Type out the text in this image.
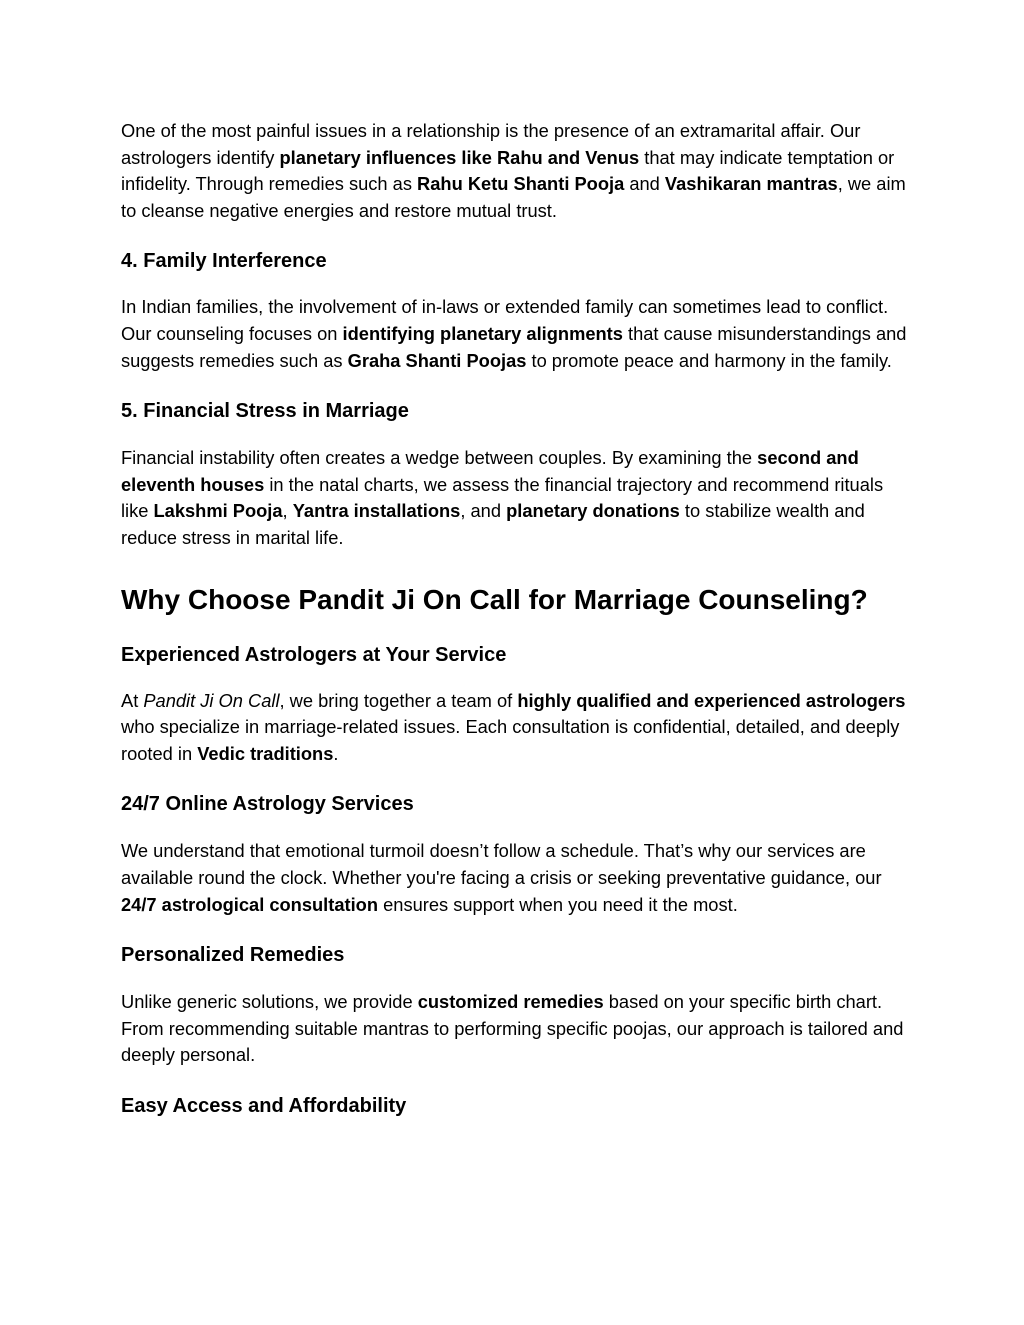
One of the most painful issues in a relationship is the presence of an extramarital affair. Our astrologers identify planetary influences like Rahu and Venus that may indicate temptation or infidelity. Through remedies such as Rahu Ketu Shanti Pooja and Vashikaran mantras, we aim to cleanse negative energies and restore mutual trust.

4. Family Interference

In Indian families, the involvement of in-laws or extended family can sometimes lead to conflict. Our counseling focuses on identifying planetary alignments that cause misunderstandings and suggests remedies such as Graha Shanti Poojas to promote peace and harmony in the family.

5. Financial Stress in Marriage

Financial instability often creates a wedge between couples. By examining the second and eleventh houses in the natal charts, we assess the financial trajectory and recommend rituals like Lakshmi Pooja, Yantra installations, and planetary donations to stabilize wealth and reduce stress in marital life.

Why Choose Pandit Ji On Call for Marriage Counseling?
Experienced Astrologers at Your Service

At Pandit Ji On Call, we bring together a team of highly qualified and experienced astrologers who specialize in marriage-related issues. Each consultation is confidential, detailed, and deeply rooted in Vedic traditions.

24/7 Online Astrology Services

We understand that emotional turmoil doesn’t follow a schedule. That’s why our services are available round the clock. Whether you're facing a crisis or seeking preventative guidance, our 24/7 astrological consultation ensures support when you need it the most.

Personalized Remedies

Unlike generic solutions, we provide customized remedies based on your specific birth chart. From recommending suitable mantras to performing specific poojas, our approach is tailored and deeply personal.

Easy Access and Affordability
